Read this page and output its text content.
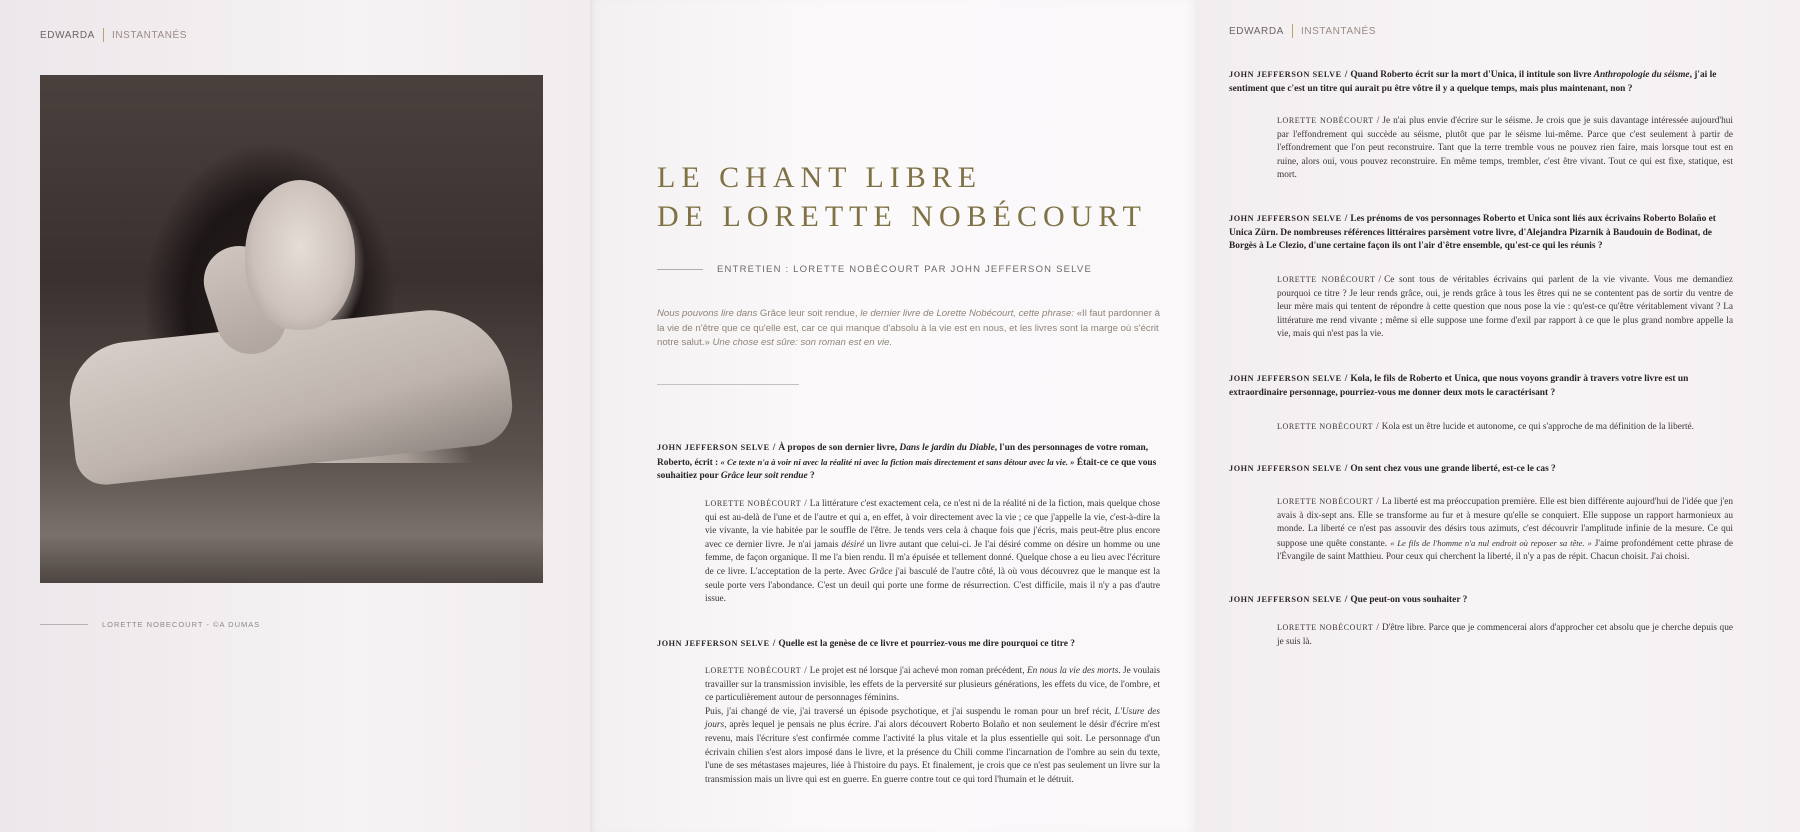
EDWARDA INSTANTANÉS
LORETTE NOBECOURT - ©A DUMAS
LE CHANT LIBRE
DE LORETTE NOBÉCOURT
ENTRETIEN : LORETTE NOBÉCOURT PAR JOHN JEFFERSON SELVE
Nous pouvons lire dans Grâce leur soit rendue, le dernier livre de Lorette Nobécourt, cette phrase: «Il faut pardonner à la vie de n'être que ce qu'elle est, car ce qui manque d'absolu à la vie est en nous, et les livres sont la marge où s'écrit notre salut.» Une chose est sûre: son roman est en vie.
JOHN JEFFERSON SELVE / À propos de son dernier livre, Dans le jardin du Diable, l'un des personnages de votre roman, Roberto, écrit : « Ce texte n'a à voir ni avec la réalité ni avec la fiction mais directement et sans détour avec la vie. » Était-ce ce que vous souhaitiez pour Grâce leur soit rendue ?
LORETTE NOBÉCOURT / La littérature c'est exactement cela, ce n'est ni de la réalité ni de la fiction, mais quelque chose qui est au-delà de l'une et de l'autre et qui a, en effet, à voir directement avec la vie ; ce que j'appelle la vie, c'est-à-dire la vie vivante, la vie habitée par le souffle de l'être. Je tends vers cela à chaque fois que j'écris, mais peut-être plus encore avec ce dernier livre. Je n'ai jamais désiré un livre autant que celui-ci. Je l'ai désiré comme on désire un homme ou une femme, de façon organique. Il me l'a bien rendu. Il m'a épuisée et tellement donné. Quelque chose a eu lieu avec l'écriture de ce livre. L'acceptation de la perte. Avec Grâce j'ai basculé de l'autre côté, là où vous découvrez que le manque est la seule porte vers l'abondance. C'est un deuil qui porte une forme de résurrection. C'est difficile, mais il n'y a pas d'autre issue.
JOHN JEFFERSON SELVE / Quelle est la genèse de ce livre et pourriez-vous me dire pourquoi ce titre ?
LORETTE NOBÉCOURT / Le projet est né lorsque j'ai achevé mon roman précédent, En nous la vie des morts. Je voulais travailler sur la transmission invisible, les effets de la perversité sur plusieurs générations, les effets du vice, de l'ombre, et ce particulièrement autour de personnages féminins.
Puis, j'ai changé de vie, j'ai traversé un épisode psychotique, et j'ai suspendu le roman pour un bref récit, L'Usure des jours, après lequel je pensais ne plus écrire. J'ai alors découvert Roberto Bolaño et non seulement le désir d'écrire m'est revenu, mais l'écriture s'est confirmée comme l'activité la plus vitale et la plus essentielle qui soit. Le personnage d'un écrivain chilien s'est alors imposé dans le livre, et la présence du Chili comme l'incarnation de l'ombre au sein du texte, l'une de ses métastases majeures, liée à l'histoire du pays. Et finalement, je crois que ce n'est pas seulement un livre sur la transmission mais un livre qui est en guerre. En guerre contre tout ce qui tord l'humain et le détruit.
EDWARDA INSTANTANÉS
JOHN JEFFERSON SELVE / Quand Roberto écrit sur la mort d'Unica, il intitule son livre Anthropologie du séisme, j'ai le sentiment que c'est un titre qui aurait pu être vôtre il y a quelque temps, mais plus maintenant, non ?
LORETTE NOBÉCOURT / Je n'ai plus envie d'écrire sur le séisme. Je crois que je suis davantage intéressée aujourd'hui par l'effondrement qui succède au séisme, plutôt que par le séisme lui-même. Parce que c'est seulement à partir de l'effondrement que l'on peut reconstruire. Tant que la terre tremble vous ne pouvez rien faire, mais lorsque tout est en ruine, alors oui, vous pouvez reconstruire. En même temps, trembler, c'est être vivant. Tout ce qui est fixe, statique, est mort.
JOHN JEFFERSON SELVE / Les prénoms de vos personnages Roberto et Unica sont liés aux écrivains Roberto Bolaño et Unica Zürn. De nombreuses références littéraires parsèment votre livre, d'Alejandra Pizarnik à Baudouin de Bodinat, de Borgès à Le Clezio, d'une certaine façon ils ont l'air d'être ensemble, qu'est-ce qui les réunis ?
LORETTE NOBÉCOURT / Ce sont tous de véritables écrivains qui parlent de la vie vivante. Vous me demandiez pourquoi ce titre ? Je leur rends grâce, oui, je rends grâce à tous les êtres qui ne se contentent pas de sortir du ventre de leur mère mais qui tentent de répondre à cette question que nous pose la vie : qu'est-ce qu'être véritablement vivant ? La littérature me rend vivante ; même si elle suppose une forme d'exil par rapport à ce que le plus grand nombre appelle la vie, mais qui n'est pas la vie.
JOHN JEFFERSON SELVE / Kola, le fils de Roberto et Unica, que nous voyons grandir à travers votre livre est un extraordinaire personnage, pourriez-vous me donner deux mots le caractérisant ?
LORETTE NOBÉCOURT / Kola est un être lucide et autonome, ce qui s'approche de ma définition de la liberté.
JOHN JEFFERSON SELVE / On sent chez vous une grande liberté, est-ce le cas ?
LORETTE NOBÉCOURT / La liberté est ma préoccupation première. Elle est bien différente aujourd'hui de l'idée que j'en avais à dix-sept ans. Elle se transforme au fur et à mesure qu'elle se conquiert. Elle suppose un rapport harmonieux au monde. La liberté ce n'est pas assouvir des désirs tous azimuts, c'est découvrir l'amplitude infinie de la mesure. Ce qui suppose une quête constante. « Le fils de l'homme n'a nul endroit où reposer sa tête. » J'aime profondément cette phrase de l'Évangile de saint Matthieu. Pour ceux qui cherchent la liberté, il n'y a pas de répit. Chacun choisit. J'ai choisi.
JOHN JEFFERSON SELVE / Que peut-on vous souhaiter ?
LORETTE NOBÉCOURT / D'être libre. Parce que je commencerai alors d'approcher cet absolu que je cherche depuis que je suis là.
